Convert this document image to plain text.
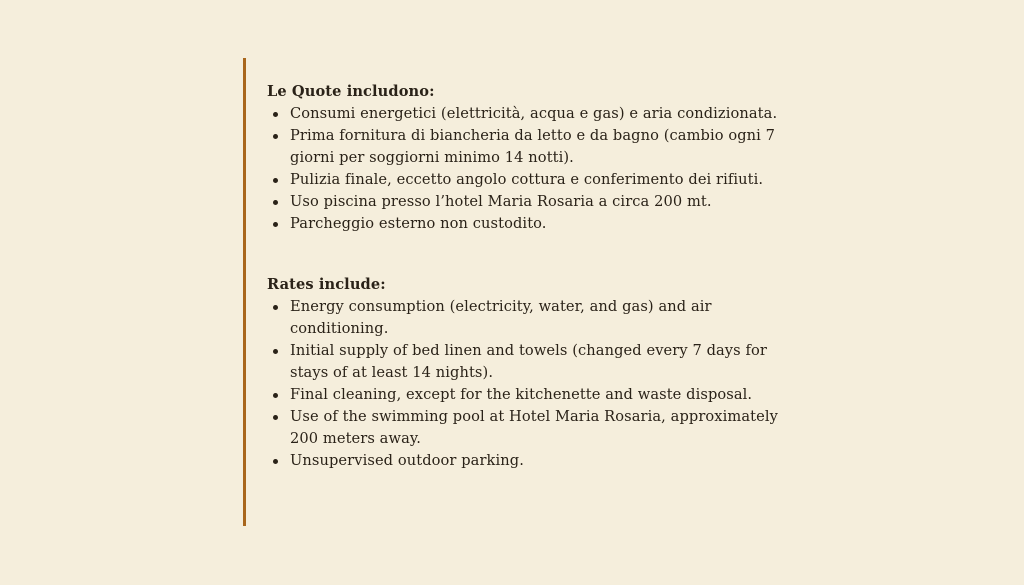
Le Quote includono:

Consumi energetici (elettricità, acqua e gas) e aria condizionata.
Prima fornitura di biancheria da letto e da bagno (cambio ogni 7 giorni per soggiorni minimo 14 notti).
Pulizia finale, eccetto angolo cottura e conferimento dei rifiuti.
Uso piscina presso l’hotel Maria Rosaria a circa 200 mt.
Parcheggio esterno non custodito.

Rates include:

Energy consumption (electricity, water, and gas) and air conditioning.
Initial supply of bed linen and towels (changed every 7 days for stays of at least 14 nights).
Final cleaning, except for the kitchenette and waste disposal.
Use of the swimming pool at Hotel Maria Rosaria, approximately 200 meters away.
Unsupervised outdoor parking.
